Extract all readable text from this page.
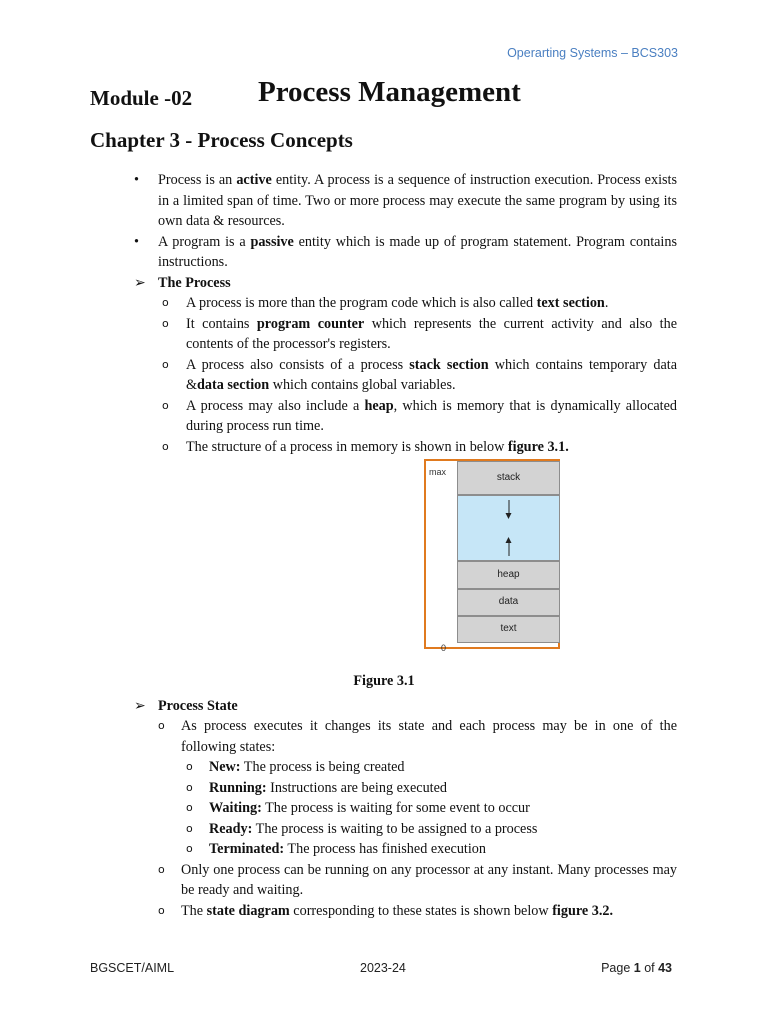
Operarting Systems – BCS303
Module -02 Process Management
Chapter 3 - Process Concepts
• Process is an active entity. A process is a sequence of instruction execution. Process exists in a limited span of time. Two or more process may execute the same program by using its own data & resources.
• A program is a passive entity which is made up of program statement. Program contains instructions.
➢ The Process
o A process is more than the program code which is also called text section.
o It contains program counter which represents the current activity and also the contents of the processor's registers.
o A process also consists of a process stack section which contains temporary data &data section which contains global variables.
o A process may also include a heap, which is memory that is dynamically allocated during process run time.
o The structure of a process in memory is shown in below figure 3.1.
max	stack
heap
data
text
0
Figure 3.1
➢ Process State
o As process executes it changes its state and each process may be in one of the following states:
o New: The process is being created
o Running: Instructions are being executed
o Waiting: The process is waiting for some event to occur
o Ready: The process is waiting to be assigned to a process
o Terminated: The process has finished execution
o Only one process can be running on any processor at any instant. Many processes may be ready and waiting.
o The state diagram corresponding to these states is shown below figure 3.2.
BGSCET/AIML	2023-24	Page 1 of 43
